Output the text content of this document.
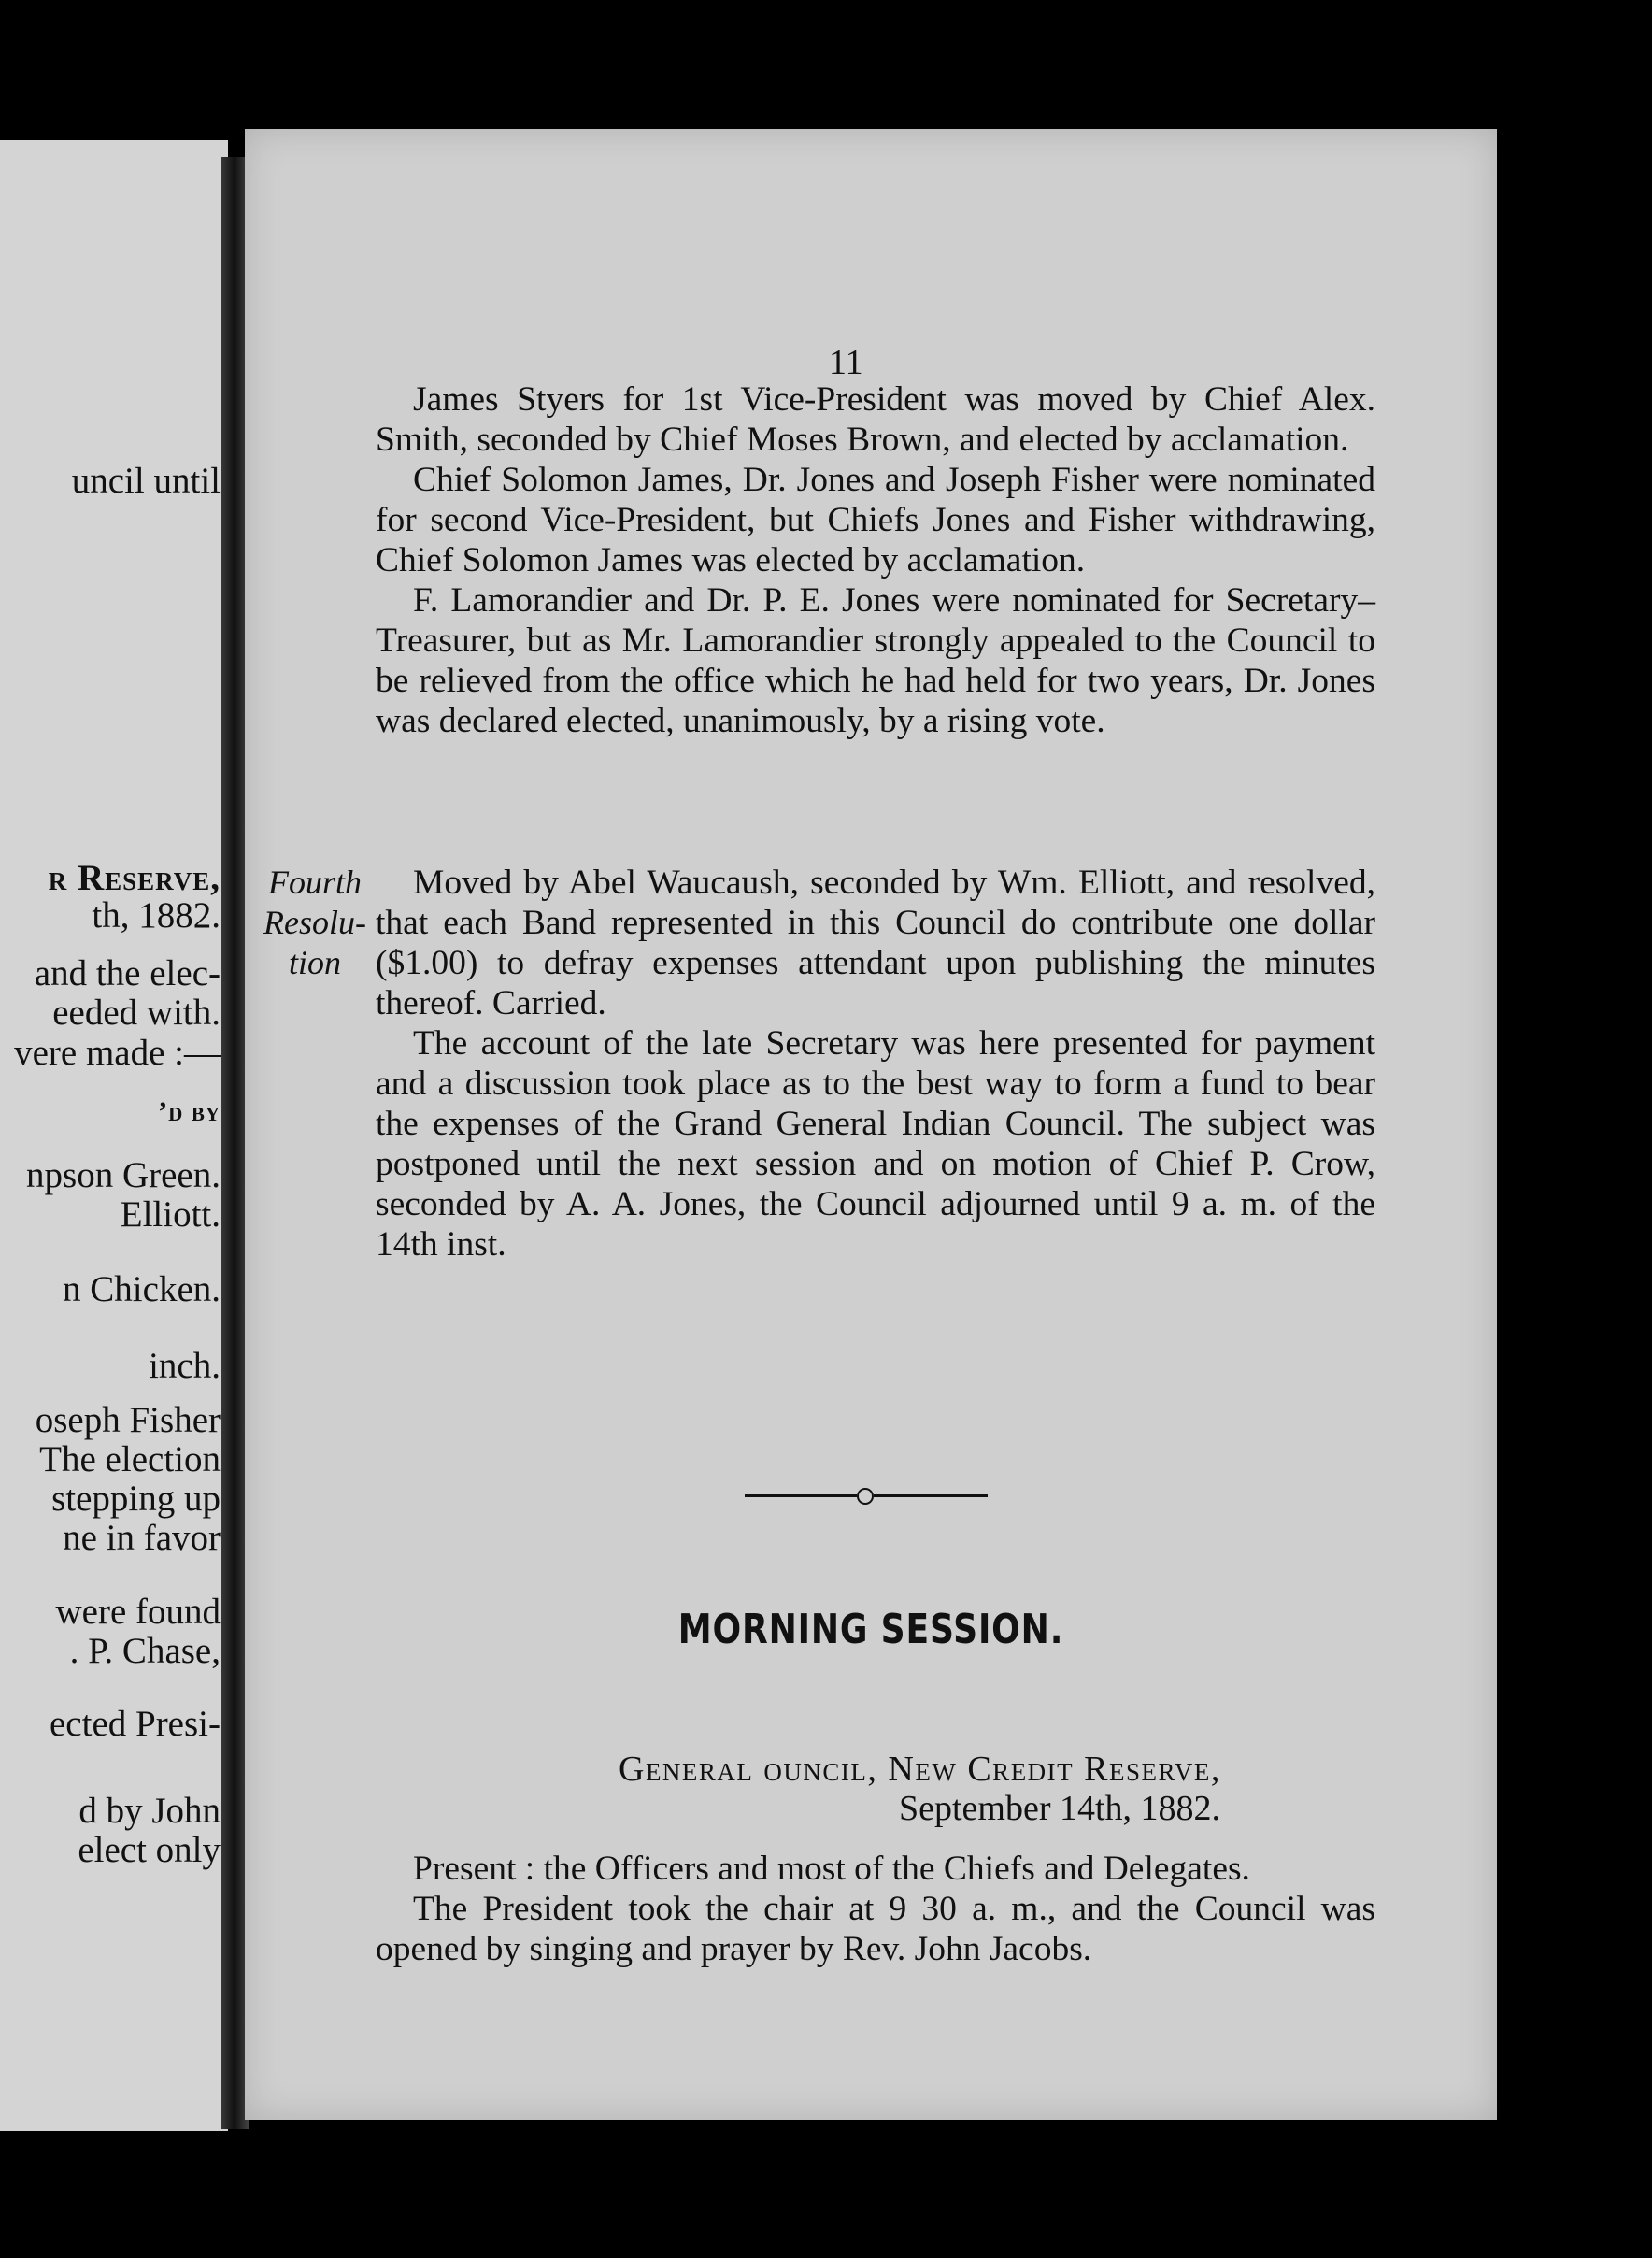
uncil until
r Reserve,
th, 1882.
and the elec-
eeded with.
vere made :—
’d by
npson Green.
Elliott.
n Chicken.
inch.
oseph Fisher
The election
stepping up
ne in favor
were found
. P. Chase,
ected Presi-
d by John
elect only
11

James Styers for 1st Vice-President was moved by Chief Alex. Smith, seconded by Chief Moses Brown, and elected by acclamation.

Chief Solomon James, Dr. Jones and Joseph Fisher were nominated for second Vice-President, but Chiefs Jones and Fisher withdrawing, Chief Solomon James was elected by acclamation.

F. Lamorandier and Dr. P. E. Jones were nominated for Secretary–Treasurer, but as Mr. Lamorandier strongly appealed to the Council to be relieved from the office which he had held for two years, Dr. Jones was declared elected, unanimously, by a rising vote.

Fourth Resolu- tion

Moved by Abel Waucaush, seconded by Wm. Elliott, and resolved, that each Band represented in this Council do contribute one dollar ($1.00) to defray expenses attendant upon publishing the minutes thereof. Carried.

The account of the late Secretary was here presented for payment and a discussion took place as to the best way to form a fund to bear the expenses of the Grand General Indian Council. The subject was postponed until the next session and on motion of Chief P. Crow, seconded by A. A. Jones, the Council adjourned until 9 a. m. of the 14th inst.

MORNING SESSION.
General ouncil, New Credit Reserve,
September 14th, 1882.

Present : the Officers and most of the Chiefs and Delegates.

The President took the chair at 9 30 a. m., and the Council was opened by singing and prayer by Rev. John Jacobs.
